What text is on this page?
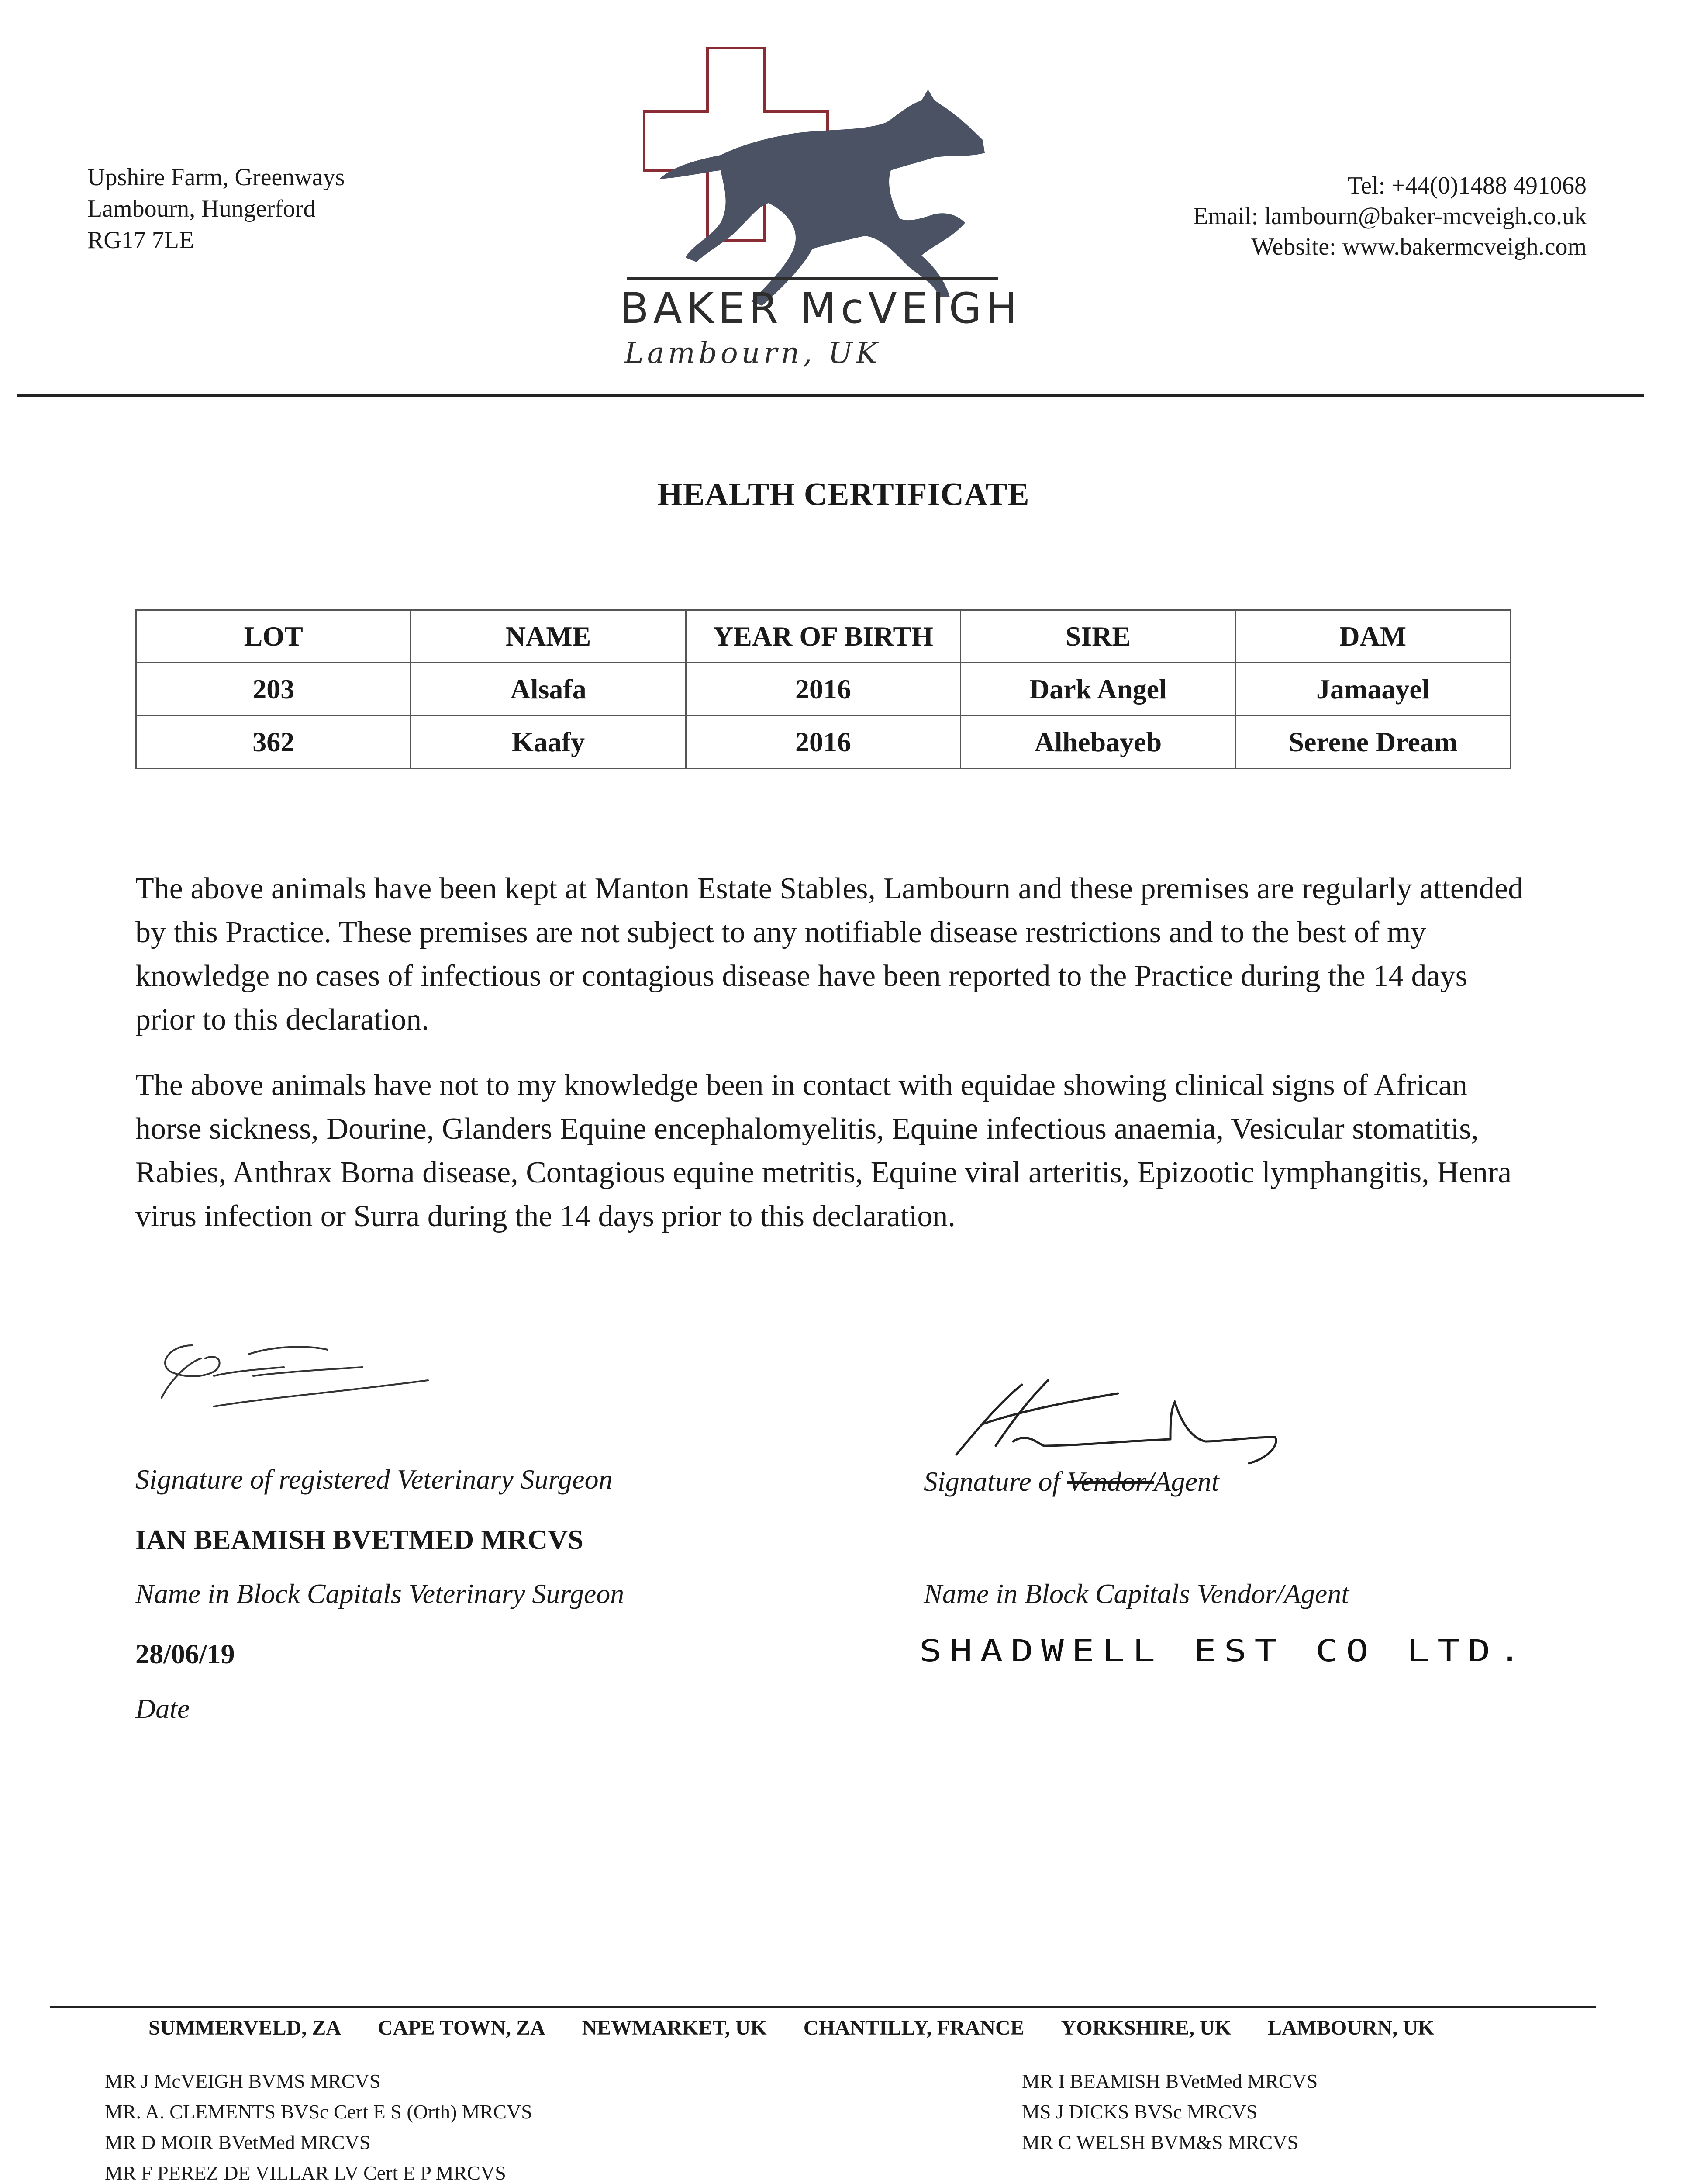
Upshire Farm, Greenways
Lambourn, Hungerford
RG17 7LE
BAKER McVEIGH
Lambourn, UK
Tel: +44(0)1488 491068
Email: lambourn@baker-mcveigh.co.uk
Website: www.bakermcveigh.com
HEALTH CERTIFICATE
LOT	NAME	YEAR OF BIRTH	SIRE	DAM
203	Alsafa	2016	Dark Angel	Jamaayel
362	Kaafy	2016	Alhebayeb	Serene Dream
The above animals have been kept at Manton Estate Stables, Lambourn and these premises are regularly attended by this Practice. These premises are not subject to any notifiable disease restrictions and to the best of my knowledge no cases of infectious or contagious disease have been reported to the Practice during the 14 days prior to this declaration.
The above animals have not to my knowledge been in contact with equidae showing clinical signs of African horse sickness, Dourine, Glanders Equine encephalomyelitis, Equine infectious anaemia, Vesicular stomatitis, Rabies, Anthrax Borna disease, Contagious equine metritis, Equine viral arteritis, Epizootic lymphangitis, Henra virus infection or Surra during the 14 days prior to this declaration.
Signature of registered Veterinary Surgeon
IAN BEAMISH BVETMED MRCVS
Name in Block Capitals Veterinary Surgeon
28/06/19
Date
Signature of Vendor/Agent
Name in Block Capitals Vendor/Agent
SHADWELL EST CO LTD.
SUMMERVELD, ZA CAPE TOWN, ZA NEWMARKET, UK CHANTILLY, FRANCE YORKSHIRE, UK LAMBOURN, UK
MR J McVEIGH BVMS MRCVS
MR. A. CLEMENTS BVSc Cert E S (Orth) MRCVS
MR D MOIR BVetMed MRCVS
MR F PEREZ DE VILLAR LV Cert E P MRCVS
MR I BEAMISH BVetMed MRCVS
MS J DICKS BVSc MRCVS
MR C WELSH BVM&S MRCVS
